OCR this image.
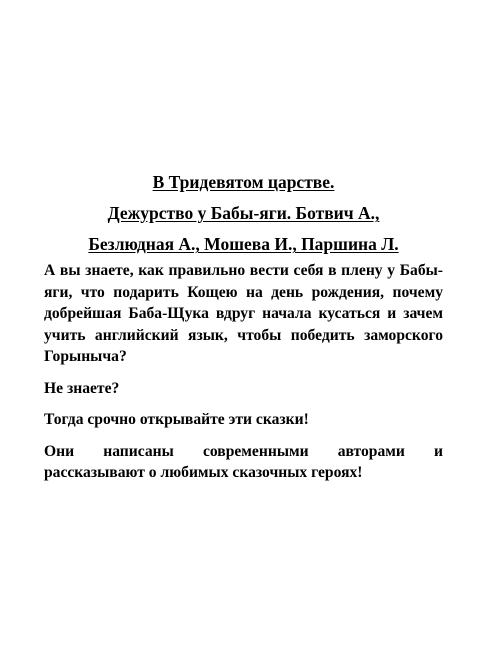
В Тридевятом царстве.
Дежурство у Бабы-яги. Ботвич А.,
Безлюдная А., Мошева И., Паршина Л.

А вы знаете, как правильно вести себя в плену у Бабы-яги, что подарить Кощею на день рождения, почему добрейшая Баба-Щука вдруг начала кусаться и зачем учить английский язык, чтобы победить заморского Горыныча?

Не знаете?

Тогда срочно открывайте эти сказки!

Они написаны современными авторами и рассказывают о любимых сказочных героях!
